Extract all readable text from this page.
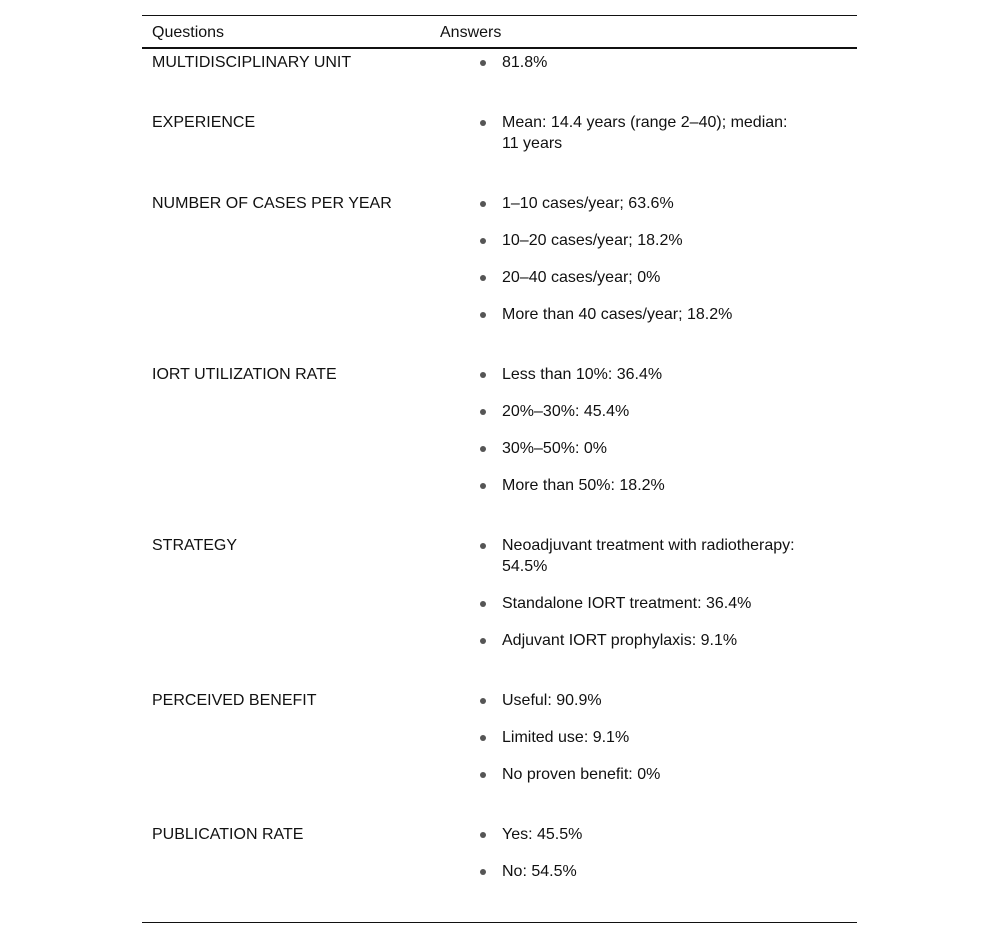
Questions	Answers
MULTIDISCIPLINARY UNIT	81.8%
EXPERIENCE	Mean: 14.4 years (range 2–40); median: 11 years
NUMBER OF CASES PER YEAR	1–10 cases/year; 63.6%
10–20 cases/year; 18.2%
20–40 cases/year; 0%
More than 40 cases/year; 18.2%
IORT UTILIZATION RATE	Less than 10%: 36.4%
20%–30%: 45.4%
30%–50%: 0%
More than 50%: 18.2%
STRATEGY	Neoadjuvant treatment with radiotherapy: 54.5%
Standalone IORT treatment: 36.4%
Adjuvant IORT prophylaxis: 9.1%
PERCEIVED BENEFIT	Useful: 90.9%
Limited use: 9.1%
No proven benefit: 0%
PUBLICATION RATE	Yes: 45.5%
No: 54.5%
